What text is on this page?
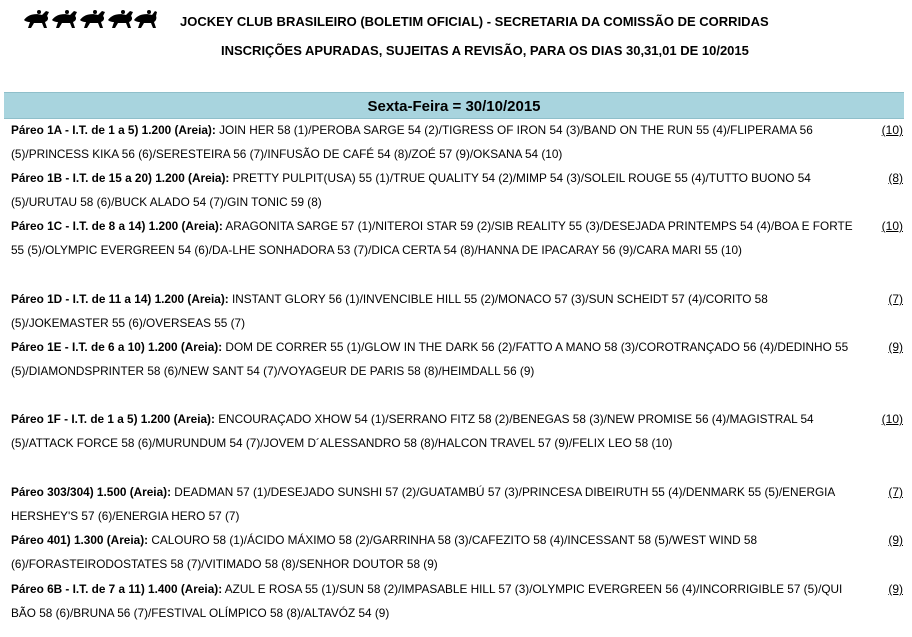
JOCKEY CLUB BRASILEIRO (BOLETIM OFICIAL) - SECRETARIA DA COMISSÃO DE CORRIDAS
INSCRIÇÕES APURADAS, SUJEITAS A REVISÃO, PARA OS DIAS 30,31,01 DE 10/2015
Sexta-Feira = 30/10/2015
Páreo 1A - I.T. de 1 a 5) 1.200 (Areia): JOIN HER 58 (1)/PEROBA SARGE 54 (2)/TIGRESS OF IRON 54 (3)/BAND ON THE RUN 55 (4)/FLIPERAMA 56 (5)/PRINCESS KIKA 56 (6)/SERESTEIRA 56 (7)/INFUSÃO DE CAFÉ 54 (8)/ZOÉ 57 (9)/OKSANA 54 (10)
(10)
Páreo 1B - I.T. de 15 a 20) 1.200 (Areia): PRETTY PULPIT(USA) 55 (1)/TRUE QUALITY 54 (2)/MIMP 54 (3)/SOLEIL ROUGE 55 (4)/TUTTO BUONO 54 (5)/URUTAU 58 (6)/BUCK ALADO 54 (7)/GIN TONIC 59 (8)
(8)
Páreo 1C - I.T. de 8 a 14) 1.200 (Areia): ARAGONITA SARGE 57 (1)/NITEROI STAR 59 (2)/SIB REALITY 55 (3)/DESEJADA PRINTEMPS 54 (4)/BOA E FORTE 55 (5)/OLYMPIC EVERGREEN 54 (6)/DA-LHE SONHADORA 53 (7)/DICA CERTA 54 (8)/HANNA DE IPACARAY 56 (9)/CARA MARI 55 (10)
(10)
Páreo 1D - I.T. de 11 a 14) 1.200 (Areia): INSTANT GLORY 56 (1)/INVENCIBLE HILL 55 (2)/MONACO 57 (3)/SUN SCHEIDT 57 (4)/CORITO 58 (5)/JOKEMASTER 55 (6)/OVERSEAS 55 (7)
(7)
Páreo 1E - I.T. de 6 a 10) 1.200 (Areia): DOM DE CORRER 55 (1)/GLOW IN THE DARK 56 (2)/FATTO A MANO 58 (3)/COROTRANÇADO 56 (4)/DEDINHO 55 (5)/DIAMONDSPRINTER 58 (6)/NEW SANT 54 (7)/VOYAGEUR DE PARIS 58 (8)/HEIMDALL 56 (9)
(9)
Páreo 1F - I.T. de 1 a 5) 1.200 (Areia): ENCOURAÇADO XHOW 54 (1)/SERRANO FITZ 58 (2)/BENEGAS 58 (3)/NEW PROMISE 56 (4)/MAGISTRAL 54 (5)/ATTACK FORCE 58 (6)/MURUNDUM 54 (7)/JOVEM D´ALESSANDRO 58 (8)/HALCON TRAVEL 57 (9)/FELIX LEO 58 (10)
(10)
Páreo 303/304) 1.500 (Areia): DEADMAN 57 (1)/DESEJADO SUNSHI 57 (2)/GUATAMBÚ 57 (3)/PRINCESA DIBEIRUTH 55 (4)/DENMARK 55 (5)/ENERGIA HERSHEY'S 57 (6)/ENERGIA HERO 57 (7)
(7)
Páreo 401) 1.300 (Areia): CALOURO 58 (1)/ÁCIDO MÁXIMO 58 (2)/GARRINHA 58 (3)/CAFEZITO 58 (4)/INCESSANT 58 (5)/WEST WIND 58 (6)/FORASTEIRODOSTATES 58 (7)/VITIMADO 58 (8)/SENHOR DOUTOR 58 (9)
(9)
Páreo 6B - I.T. de 7 a 11) 1.400 (Areia): AZUL E ROSA 55 (1)/SUN 58 (2)/IMPASABLE HILL 57 (3)/OLYMPIC EVERGREEN 56 (4)/INCORRIGIBLE 57 (5)/QUI BÃO 58 (6)/BRUNA 56 (7)/FESTIVAL OLÍMPICO 58 (8)/ALTAVÓZ 54 (9)
(9)
